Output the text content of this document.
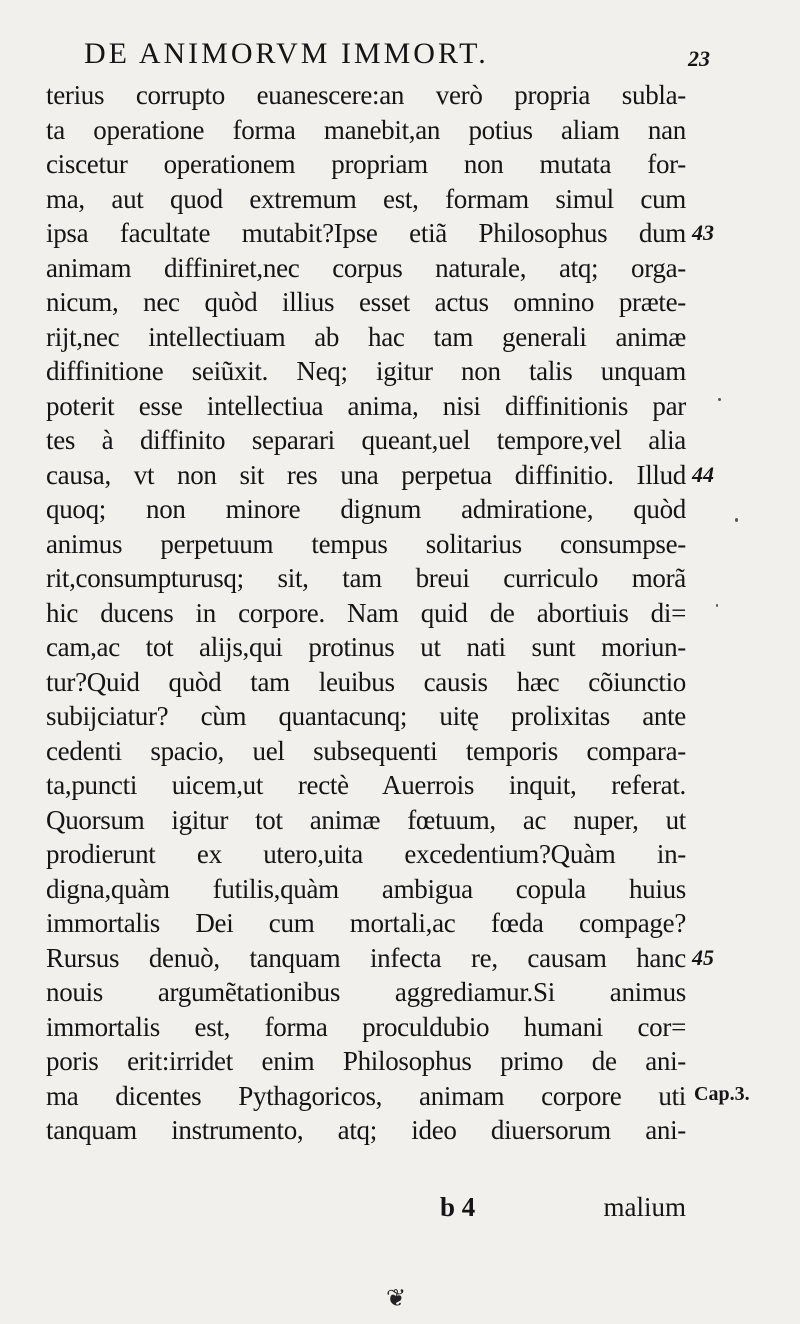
DE ANIMORVM IMMORT.	23
terius corrupto euanescere:an verò propria subla-
ta operatione forma manebit,an potius aliam nan
ciscetur operationem propriam non mutata for-
ma, aut quod extremum est, formam simul cum
ipsa facultate mutabit?Ipse etiã Philosophus dum
animam diffiniret,nec corpus naturale, atq; orga-
nicum, nec quòd illius esset actus omnino præte-
rijt,nec intellectiuam ab hac tam generali animæ
diffinitione seiũxit. Neq; igitur non talis unquam
poterit esse intellectiua anima, nisi diffinitionis par
tes à diffinito separari queant,uel tempore,vel alia
causa, vt non sit res una perpetua diffinitio. Illud
quoq; non minore dignum admiratione, quòd
animus perpetuum tempus solitarius consumpse-
rit,consumpturusq; sit, tam breui curriculo morã
hic ducens in corpore. Nam quid de abortiuis di=
cam,ac tot alijs,qui protinus ut nati sunt moriun-
tur?Quid quòd tam leuibus causis hæc cõiunctio
subijciatur? cùm quantacunq; uitę prolixitas ante
cedenti spacio, uel subsequenti temporis compara-
ta,puncti uicem,ut rectè Auerrois inquit, referat.
Quorsum igitur tot animæ fœtuum, ac nuper, ut
prodierunt ex utero,uita excedentium?Quàm in-
digna,quàm futilis,quàm ambigua copula huius
immortalis Dei cum mortali,ac fœda compage?
Rursus denuò, tanquam infecta re, causam hanc
nouis argumẽtationibus aggrediamur.Si animus
immortalis est, forma proculdubio humani cor=
poris erit:irridet enim Philosophus primo de ani-
ma dicentes Pythagoricos, animam corpore uti
tanquam instrumento, atq; ideo diuersorum ani-
43
44
45
Cap.3.
b 4	malium
❦
